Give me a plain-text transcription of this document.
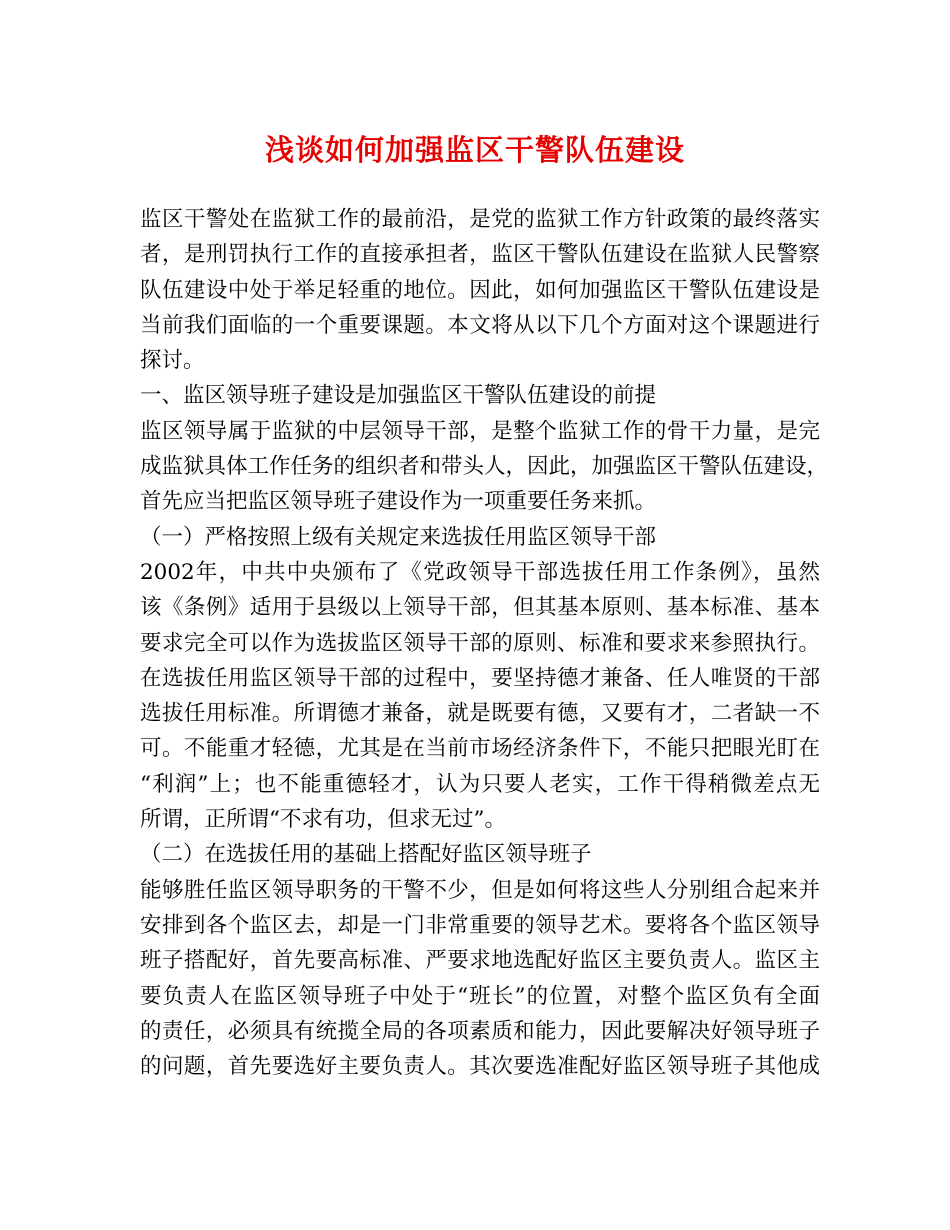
浅谈如何加强监区干警队伍建设
监区干警处在监狱工作的最前沿，是党的监狱工作方针政策的最终落实
者，是刑罚执行工作的直接承担者，监区干警队伍建设在监狱人民警察
队伍建设中处于举足轻重的地位。因此，如何加强监区干警队伍建设是
当前我们面临的一个重要课题。本文将从以下几个方面对这个课题进行
探讨。
一、监区领导班子建设是加强监区干警队伍建设的前提
监区领导属于监狱的中层领导干部，是整个监狱工作的骨干力量，是完
成监狱具体工作任务的组织者和带头人，因此，加强监区干警队伍建设，
首先应当把监区领导班子建设作为一项重要任务来抓。
（一）严格按照上级有关规定来选拔任用监区领导干部
2002年，中共中央颁布了《党政领导干部选拔任用工作条例》，虽然
该《条例》适用于县级以上领导干部，但其基本原则、基本标准、基本
要求完全可以作为选拔监区领导干部的原则、标准和要求来参照执行。
在选拔任用监区领导干部的过程中，要坚持德才兼备、任人唯贤的干部
选拔任用标准。所谓德才兼备，就是既要有德，又要有才，二者缺一不
可。不能重才轻德，尤其是在当前市场经济条件下，不能只把眼光盯在
“利润”上；也不能重德轻才，认为只要人老实，工作干得稍微差点无
所谓，正所谓“不求有功，但求无过”。
（二）在选拔任用的基础上搭配好监区领导班子
能够胜任监区领导职务的干警不少，但是如何将这些人分别组合起来并
安排到各个监区去，却是一门非常重要的领导艺术。要将各个监区领导
班子搭配好，首先要高标准、严要求地选配好监区主要负责人。监区主
要负责人在监区领导班子中处于“班长”的位置，对整个监区负有全面
的责任，必须具有统揽全局的各项素质和能力，因此要解决好领导班子
的问题，首先要选好主要负责人。其次要选准配好监区领导班子其他成
